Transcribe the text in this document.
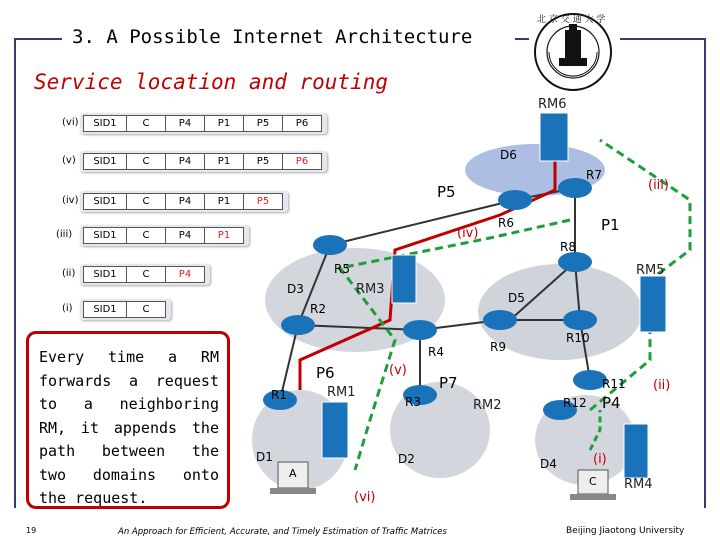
3. A Possible Internet Architecture
Service location and routing
北 京 交 通 大 学
(vi)	SID1	C	P4	P1	P5	P6
(v)	SID1	C	P4	P1	P5	P6
(iv)	SID1	C	P4	P1	P5
(iii)	SID1	C	P4	P1
(ii)	SID1	C	P4
(i)	SID1	C
Every time a RM forwards a request to a neighboring RM, it appends the path between the two domains onto the request.
RM6
RM3
RM5
RM1
RM2
RM4
D6
D3
D5
D1	D2	D4
R1
R2
R3
R4
R5
R6
R7
R8
R9
R10
R11
R12
P5
P1
P6
P7
P4
(i)
(ii)
(iii)
(iv)
(v)
(vi)
A
C
19	An Approach for Efficient, Accurate, and Timely Estimation of Traffic Matrices	Beijing Jiaotong University
